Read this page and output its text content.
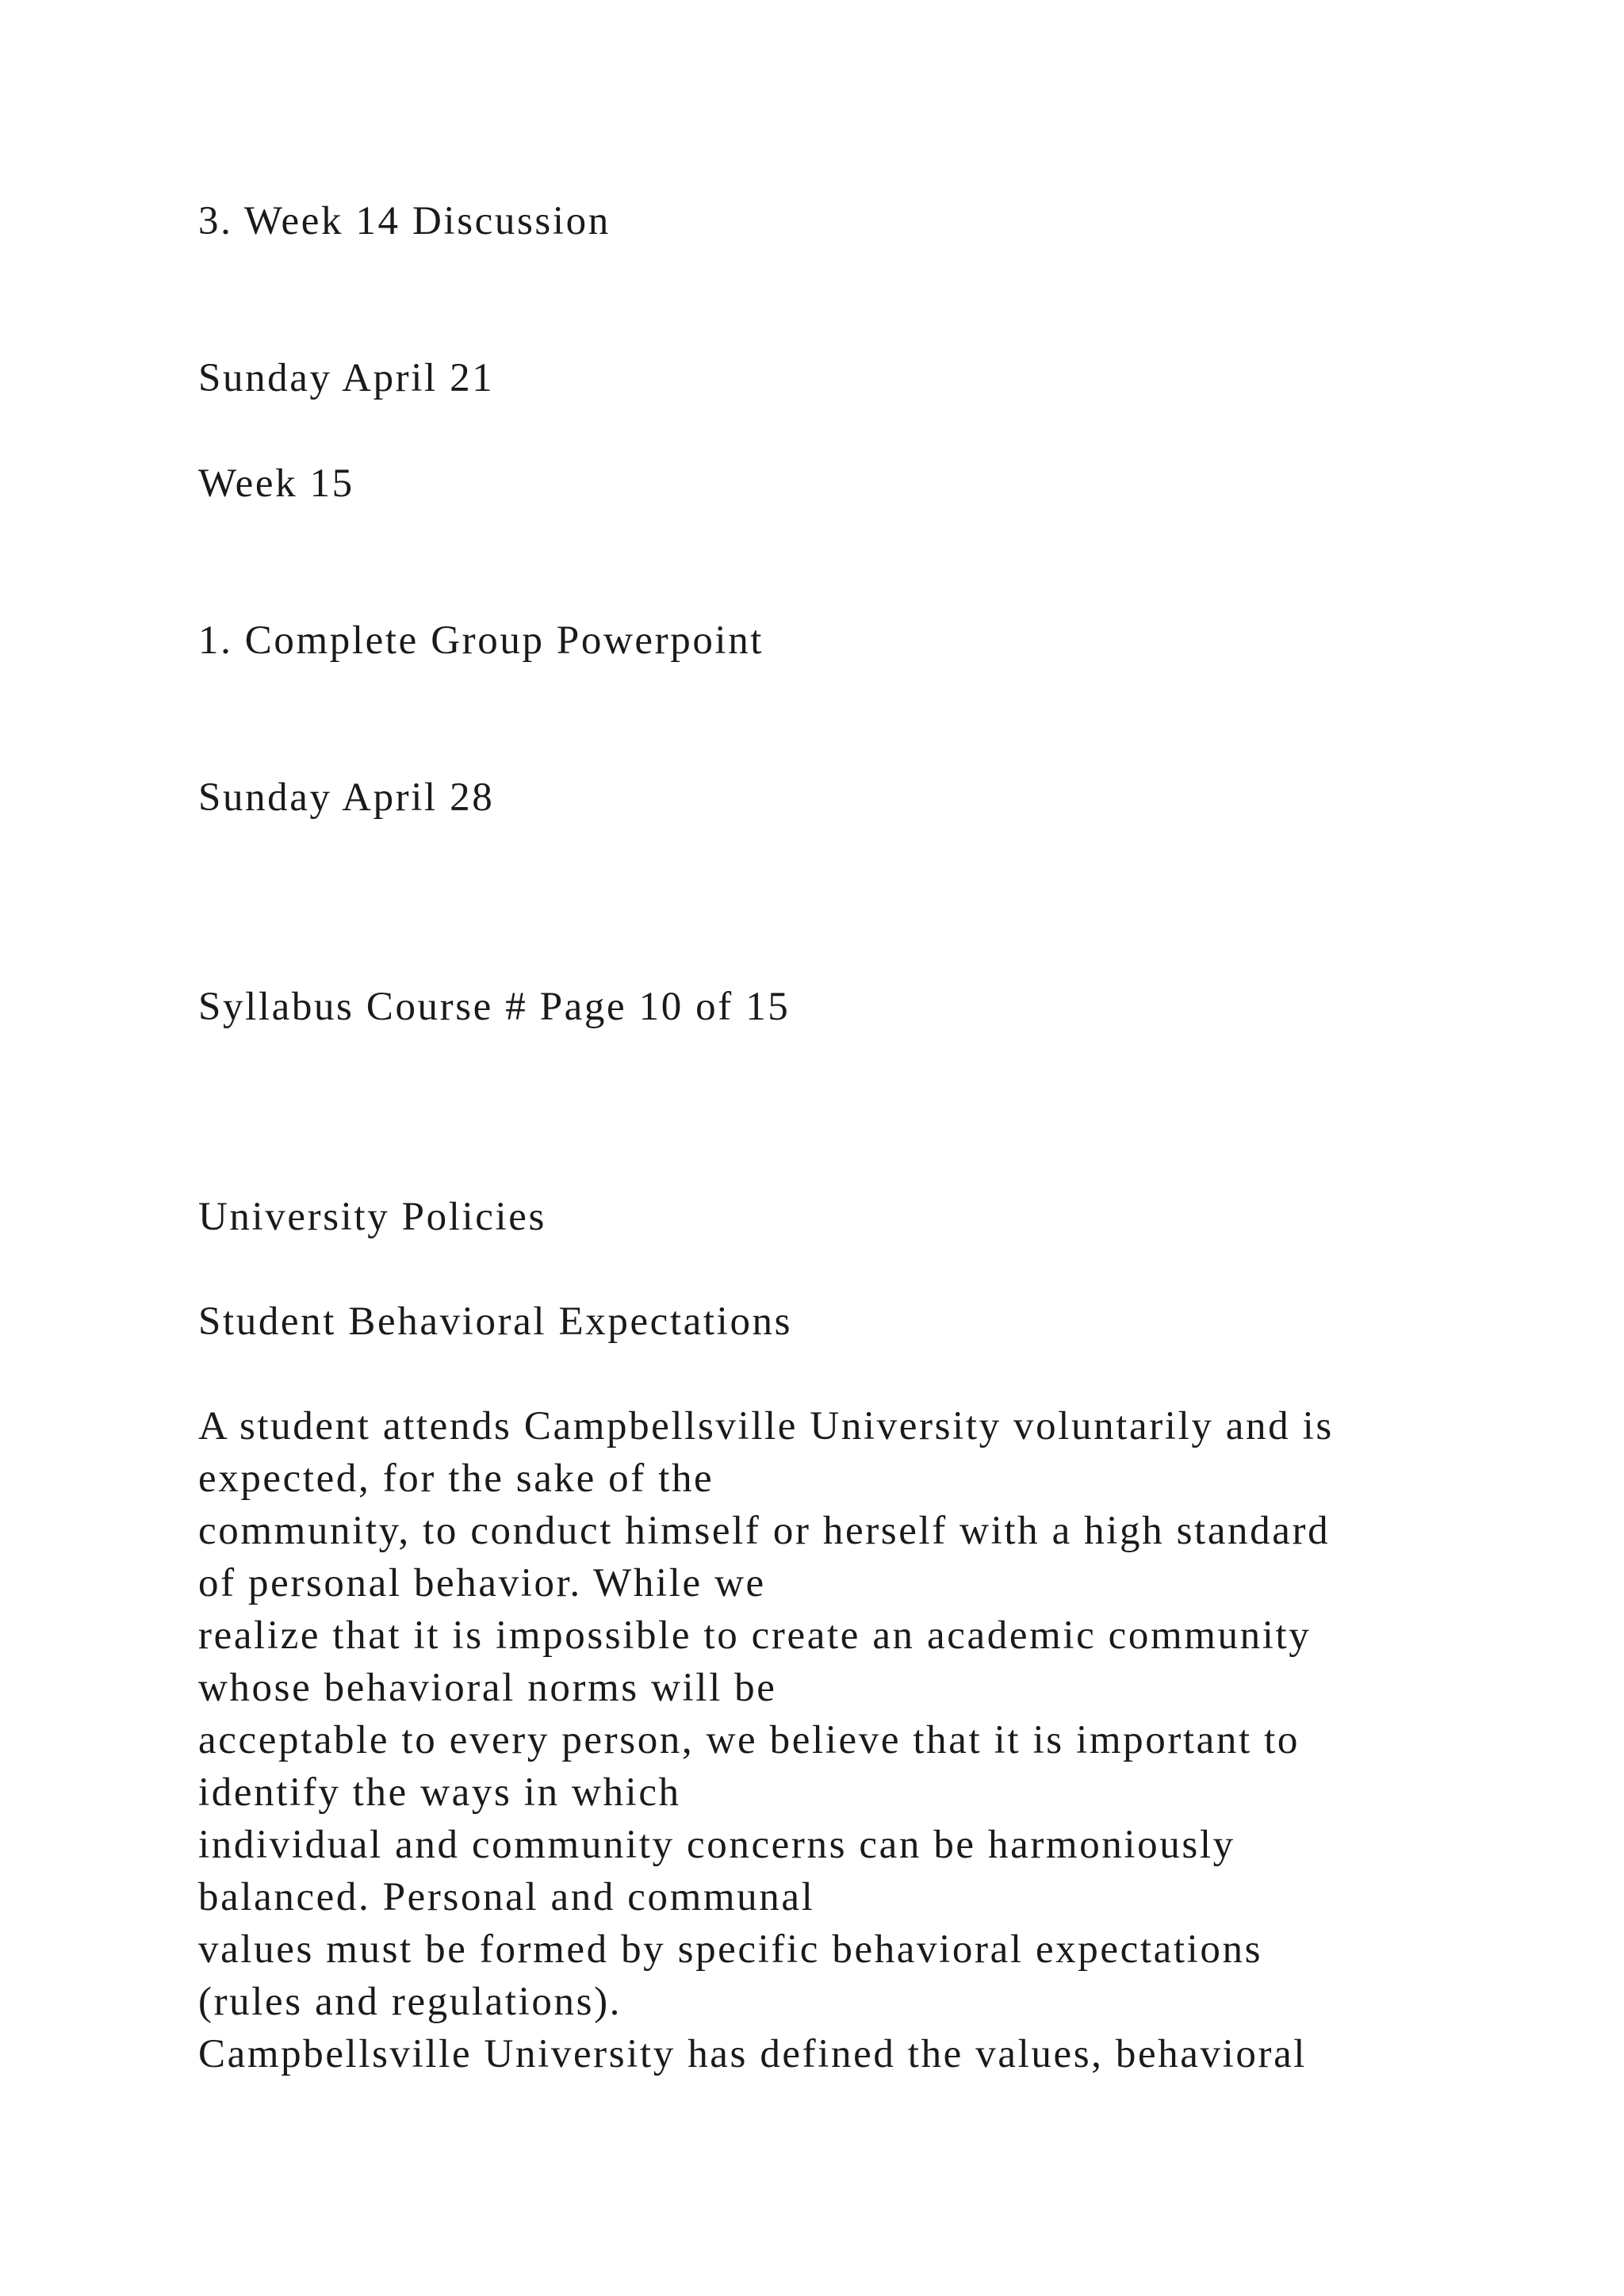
3. Week 14 Discussion

Sunday April 21

Week 15

1. Complete Group Powerpoint

Sunday April 28

Syllabus Course # Page 10 of 15

University Policies

Student Behavioral Expectations

A student attends Campbellsville University voluntarily and is

expected, for the sake of the

community, to conduct himself or herself with a high standard

of personal behavior. While we

realize that it is impossible to create an academic community

whose behavioral norms will be

acceptable to every person, we believe that it is important to

identify the ways in which

individual and community concerns can be harmoniously

balanced. Personal and communal

values must be formed by specific behavioral expectations

(rules and regulations).

Campbellsville University has defined the values, behavioral
